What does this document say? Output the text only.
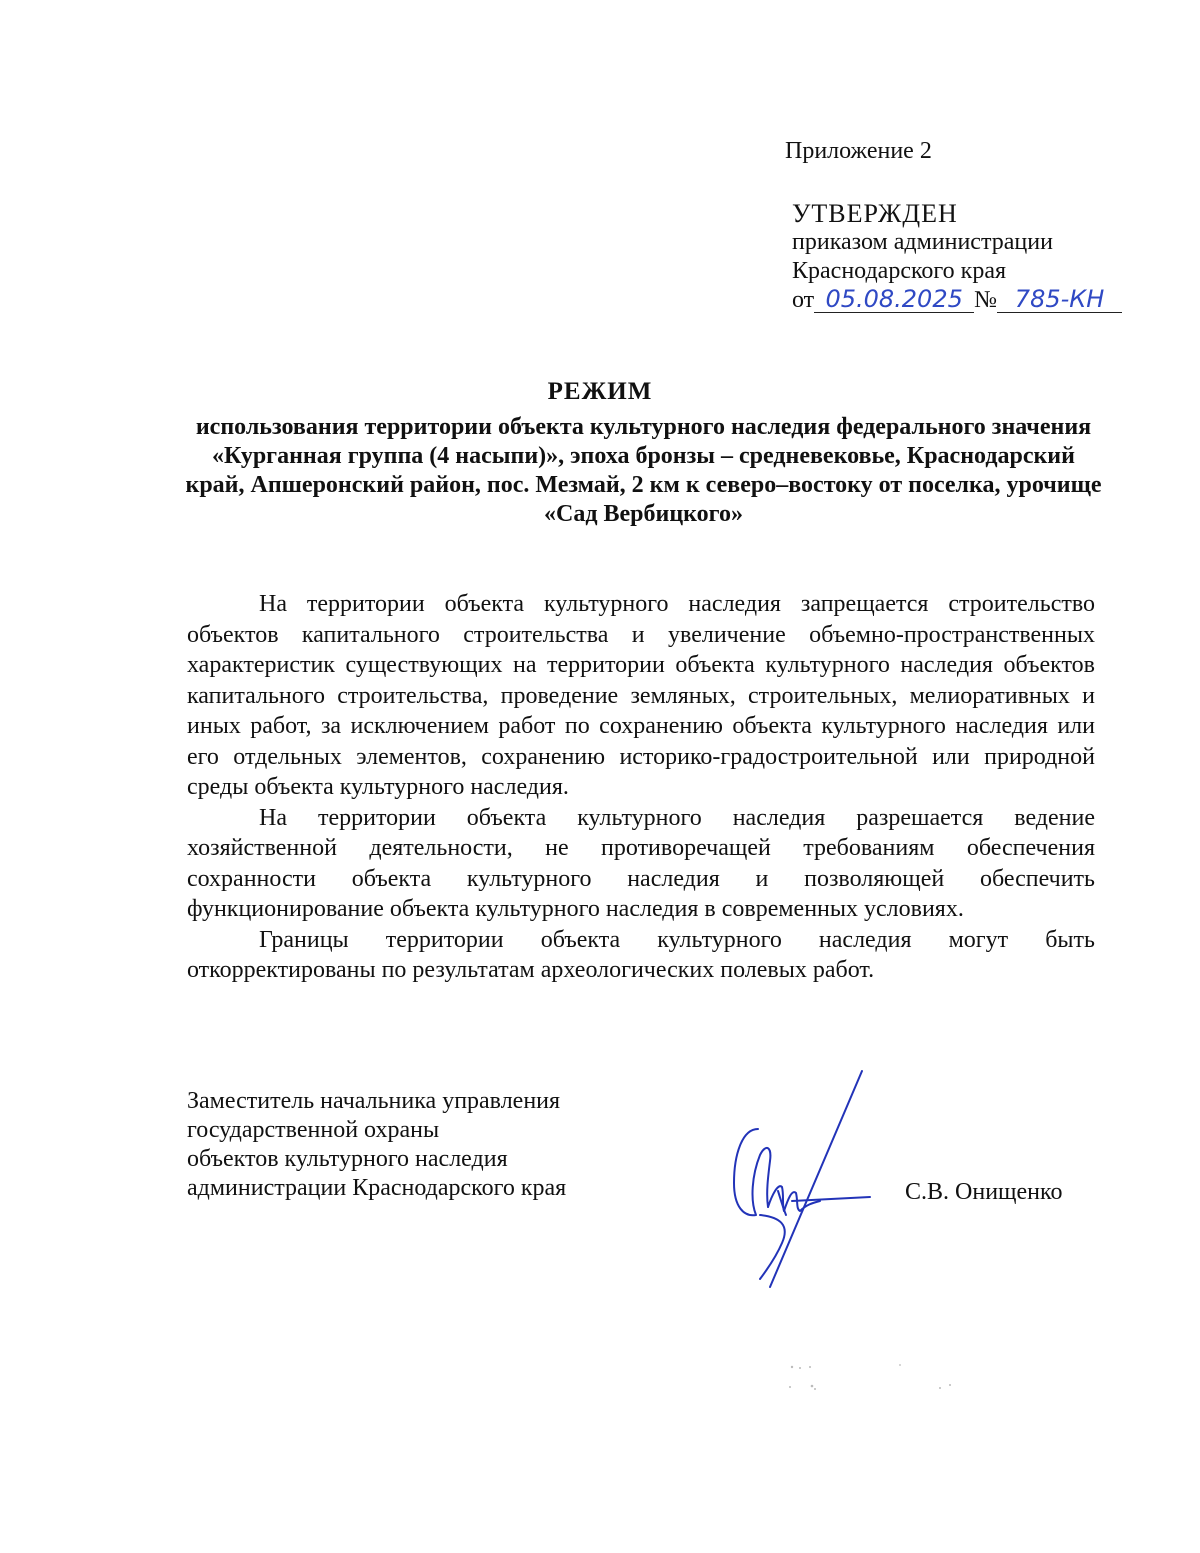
Приложение 2
УТВЕРЖДЕН
приказом администрации
Краснодарского края
от 05.08.2025 № 785-КН
РЕЖИМ
использования территории объекта культурного наследия федерального значения «Курганная группа (4 насыпи)», эпоха бронзы – средневековье, Краснодарский край, Апшеронский район, пос. Мезмай, 2 км к северо–востоку от поселка, урочище «Сад Вербицкого»

На территории объекта культурного наследия запрещается строительство объектов капитального строительства и увеличение объемно-пространственных характеристик существующих на территории объекта культурного наследия объектов капитального строительства, проведение земляных, строительных, мелиоративных и иных работ, за исключением работ по сохранению объекта культурного наследия или его отдельных элементов, сохранению историко-градостроительной или природной среды объекта культурного наследия.

На территории объекта культурного наследия разрешается ведение хозяйственной деятельности, не противоречащей требованиям обеспечения сохранности объекта культурного наследия и позволяющей обеспечить функционирование объекта культурного наследия в современных условиях.

Границы территории объекта культурного наследия могут быть откорректированы по результатам археологических полевых работ.

Заместитель начальника управления
государственной охраны
объектов культурного наследия
администрации Краснодарского края	С.В. Онищенко
